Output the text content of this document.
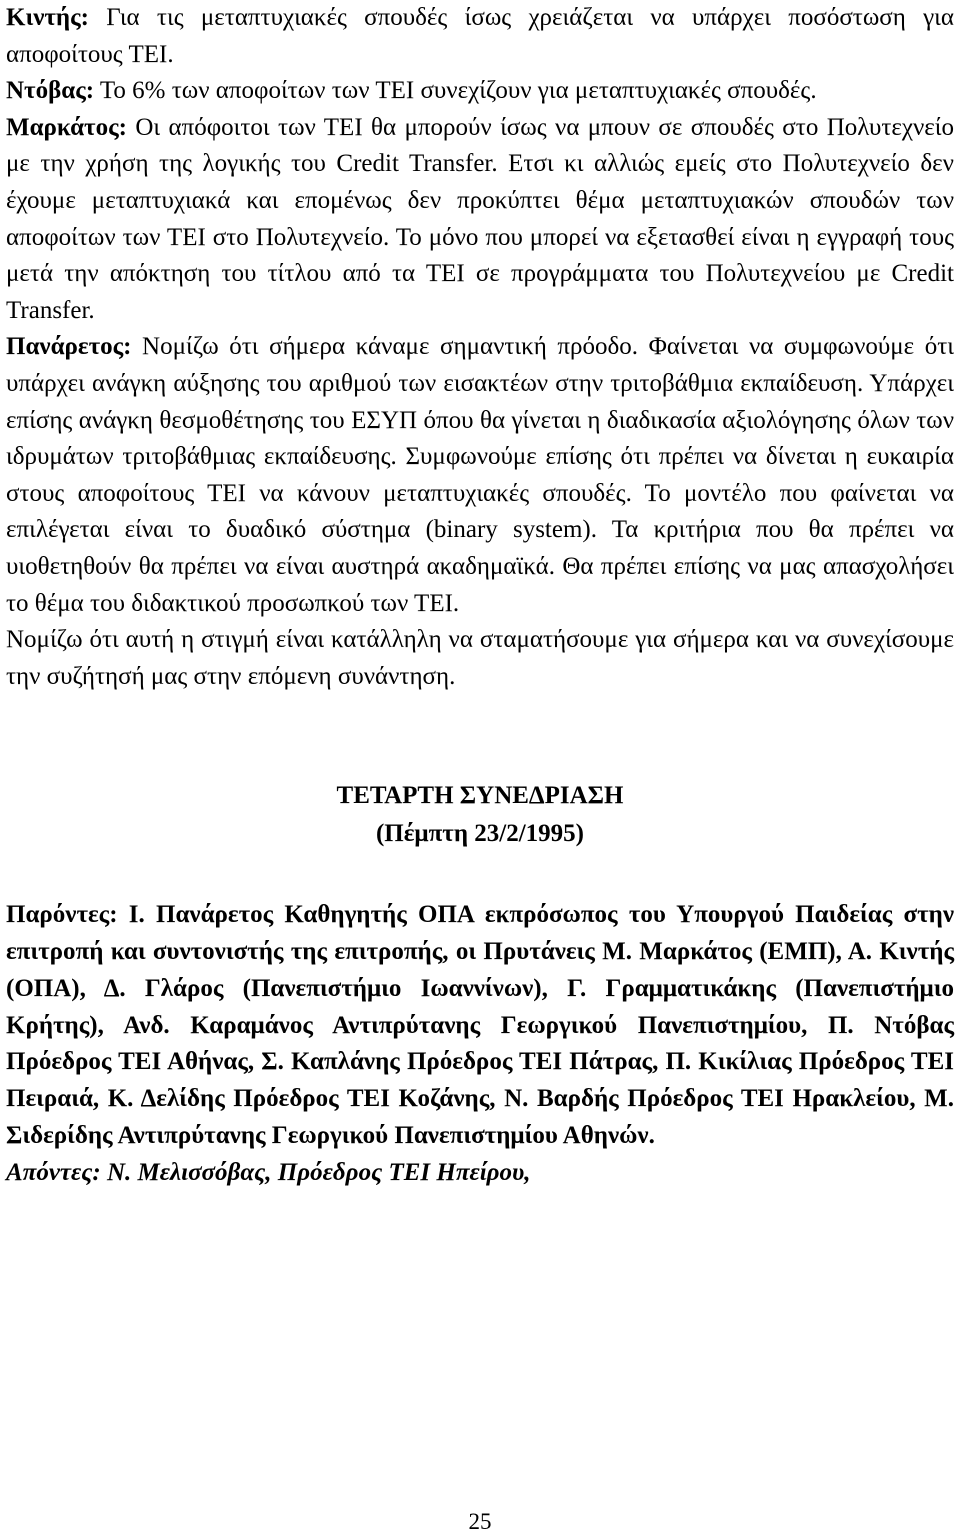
Κιντής: Για τις μεταπτυχιακές σπουδές ίσως χρειάζεται να υπάρχει ποσόστωση για αποφοίτους ΤΕΙ.

Ντόβας: Το 6% των αποφοίτων των ΤΕΙ συνεχίζουν για μεταπτυχιακές σπουδές.

Μαρκάτος: Οι απόφοιτοι των ΤΕΙ θα μπορούν ίσως να μπουν σε σπουδές στο Πολυτεχνείο με την χρήση της λογικής του Credit Transfer. Ετσι κι αλλιώς εμείς στο Πολυτεχνείο δεν έχουμε μεταπτυχιακά και επομένως δεν προκύπτει θέμα μεταπτυχιακών σπουδών των αποφοίτων των ΤΕΙ στο Πολυτεχνείο. Το μόνο που μπορεί να εξετασθεί είναι η εγγραφή τους μετά την απόκτηση του τίτλου από τα ΤΕΙ σε προγράμματα του Πολυτεχνείου με Credit Transfer.

Πανάρετος: Νομίζω ότι σήμερα κάναμε σημαντική πρόοδο. Φαίνεται να συμφωνούμε ότι υπάρχει ανάγκη αύξησης του αριθμού των εισακτέων στην τριτοβάθμια εκπαίδευση. Υπάρχει επίσης ανάγκη θεσμοθέτησης του ΕΣΥΠ όπου θα γίνεται η διαδικασία αξιολόγησης όλων των ιδρυμάτων τριτοβάθμιας εκπαίδευσης. Συμφωνούμε επίσης ότι πρέπει να δίνεται η ευκαιρία στους αποφοίτους ΤΕΙ να κάνουν μεταπτυχιακές σπουδές. Το μοντέλο που φαίνεται να επιλέγεται είναι το δυαδικό σύστημα (binary system). Τα κριτήρια που θα πρέπει να υιοθετηθούν θα πρέπει να είναι αυστηρά ακαδημαϊκά. Θα πρέπει επίσης να μας απασχολήσει το θέμα του διδακτικού προσωπκού των ΤΕΙ.

Νομίζω ότι αυτή η στιγμή είναι κατάλληλη να σταματήσουμε για σήμερα και να συνεχίσουμε την συζήτησή μας στην επόμενη συνάντηση.

ΤΕΤΑΡΤΗ ΣΥΝΕΔΡΙΑΣΗ
(Πέμπτη 23/2/1995)
Παρόντες: Ι. Πανάρετος Καθηγητής ΟΠΑ εκπρόσωπος του Υπουργού Παιδείας στην επιτροπή και συντονιστής της επιτροπής, οι Πρυτάνεις Μ. Μαρκάτος (ΕΜΠ), Α. Κιντής (ΟΠΑ), Δ. Γλάρος (Πανεπιστήμιο Ιωαννίνων), Γ. Γραμματικάκης (Πανεπιστήμιο Κρήτης), Ανδ. Καραμάνος Αντιπρύτανης Γεωργικού Πανεπιστημίου, Π. Ντόβας Πρόεδρος ΤΕΙ Αθήνας, Σ. Καπλάνης Πρόεδρος ΤΕΙ Πάτρας, Π. Κικίλιας Πρόεδρος ΤΕΙ Πειραιά, Κ. Δελίδης Πρόεδρος ΤΕΙ Κοζάνης, Ν. Βαρδής Πρόεδρος ΤΕΙ Ηρακλείου, Μ. Σιδερίδης Αντιπρύτανης Γεωργικού Πανεπιστημίου Αθηνών.
Απόντες: Ν. Μελισσόβας, Πρόεδρος ΤΕΙ Ηπείρου,
25
